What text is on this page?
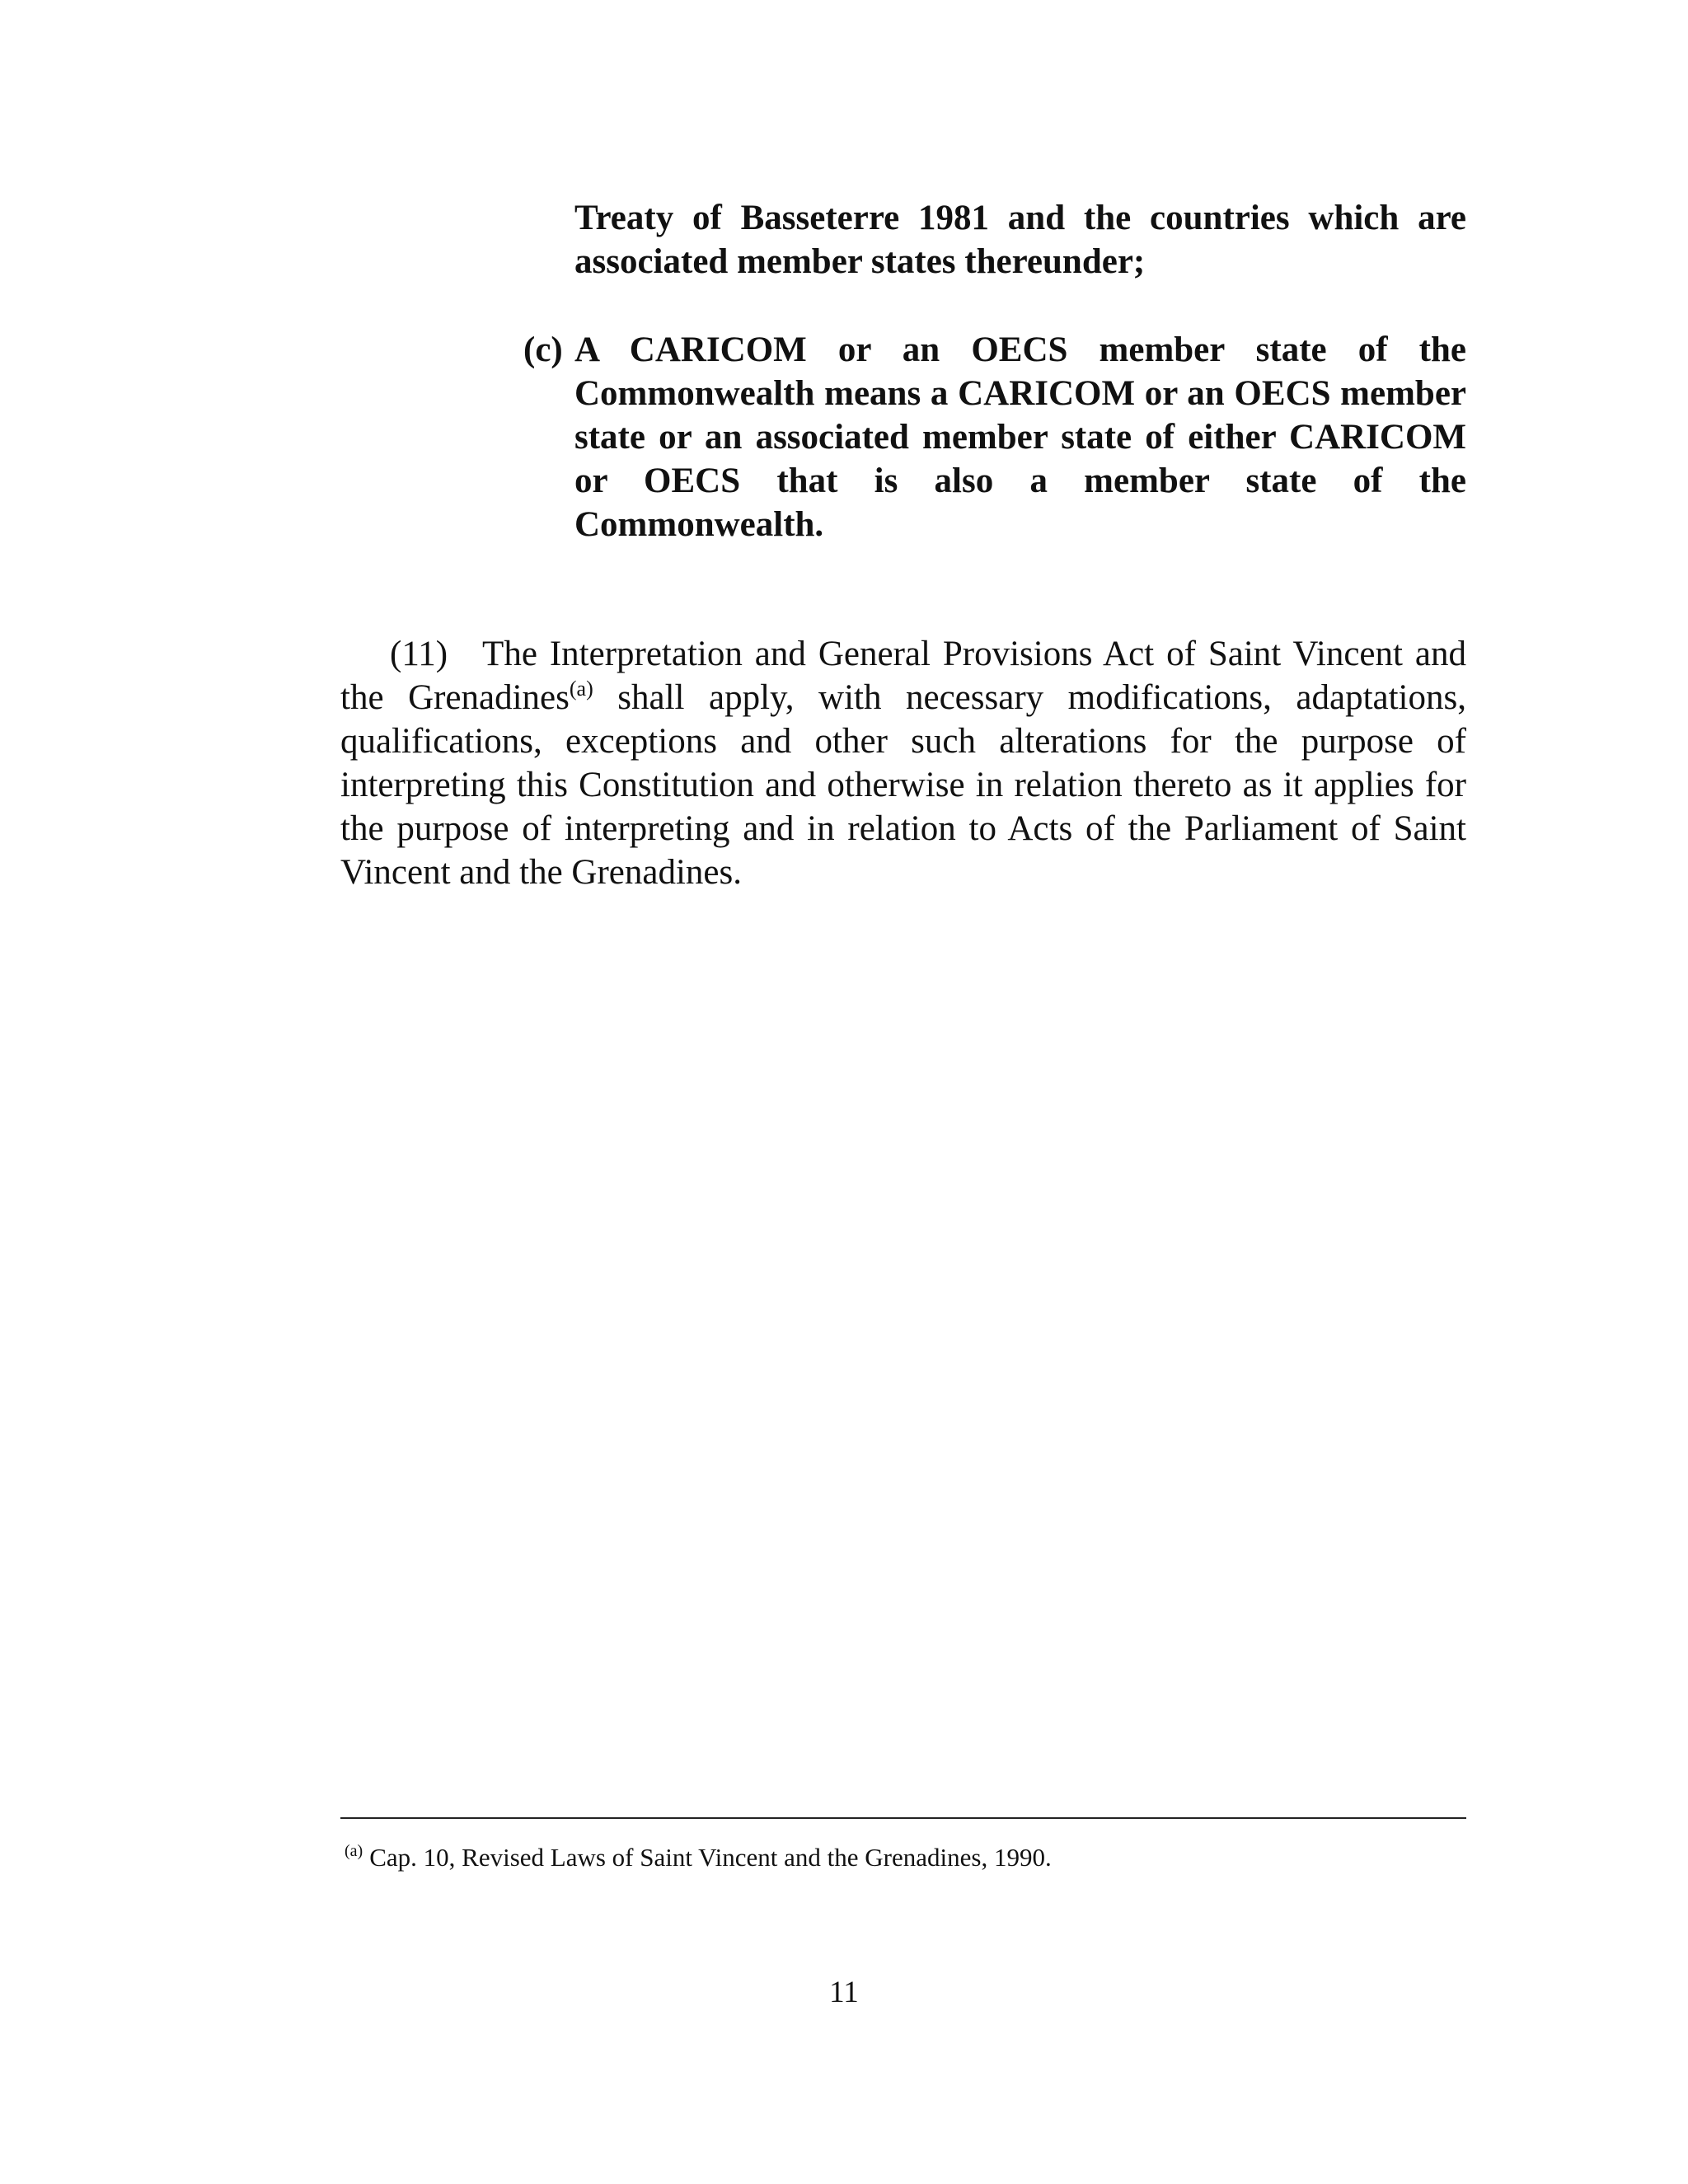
Treaty of Basseterre 1981 and the countries which are associated member states thereunder;

(c) A CARICOM or an OECS member state of the Commonwealth means a CARICOM or an OECS member state or an associated member state of either CARICOM or OECS that is also a member state of the Commonwealth.

(11) The Interpretation and General Provisions Act of Saint Vincent and the Grenadines$^{(a)}$ shall apply, with necessary modifications, adaptations, qualifications, exceptions and other such alterations for the purpose of interpreting this Constitution and otherwise in relation thereto as it applies for the purpose of interpreting and in relation to Acts of the Parliament of Saint Vincent and the Grenadines.

$^{(a)}$ Cap. 10, Revised Laws of Saint Vincent and the Grenadines, 1990.
11
